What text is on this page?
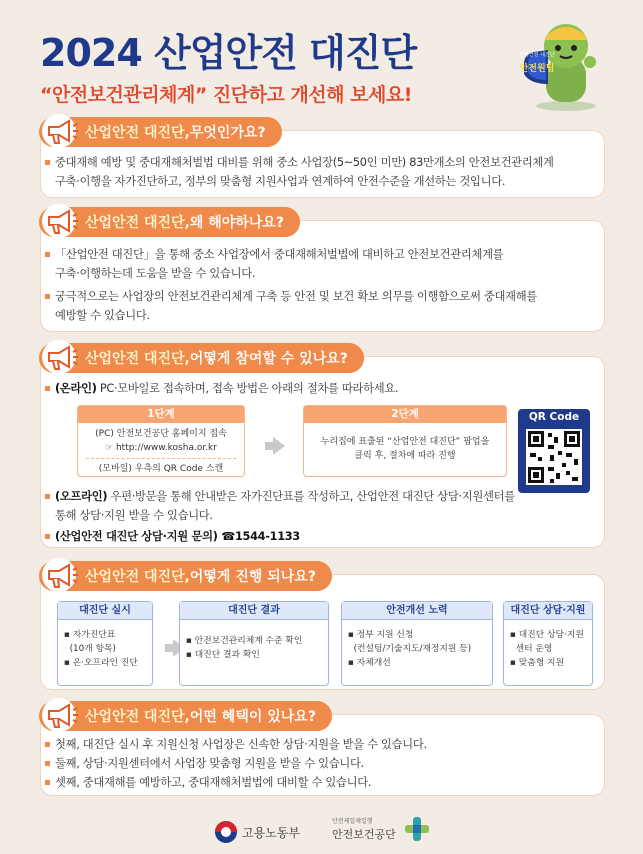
2024 산업안전 대진단
“안전보건관리체계” 진단하고 개선해 보세요!
산업안전 대진단
안전원팀
산업안전 대진단, 무엇인가요?
중대재해 예방 및 중대재해처벌법 대비를 위해 중소 사업장(5~50인 미만) 83만개소의 안전보건관리체계
구축·이행을 자가진단하고, 정부의 맞춤형 지원사업과 연계하여 안전수준을 개선하는 것입니다.
산업안전 대진단, 왜 해야하나요?
「산업안전 대진단」을 통해 중소 사업장에서 중대재해처벌법에 대비하고 안전보건관리체계를
구축·이행하는데 도움을 받을 수 있습니다.
궁극적으로는 사업장의 안전보건관리체계 구축 등 안전 및 보건 확보 의무를 이행함으로써 중대재해를
예방할 수 있습니다.
산업안전 대진단, 어떻게 참여할 수 있나요?
(온라인) PC·모바일로 접속하며, 접속 방법은 아래의 절차를 따라하세요.
1단계
(PC) 안전보건공단 홈페이지 접속
☞ http://www.kosha.or.kr
(모바일) 우측의 QR Code 스캔
2단계
누리집에 표출된 “산업안전 대진단” 팝업을
클릭 후, 절차에 따라 진행
QR Code
(오프라인) 우편·방문을 통해 안내받은 자가진단표를 작성하고, 산업안전 대진단 상담·지원센터를
통해 상담·지원 받을 수 있습니다.
(산업안전 대진단 상담·지원 문의) ☎1544-1133
산업안전 대진단, 어떻게 진행 되나요?
대진단 실시
▪ 자가진단표
(10개 항목)
▪ 온·오프라인 진단
대진단 결과
▪ 안전보건관리체계 수준 확인
▪ 대진단 결과 확인
안전개선 노력
▪ 정부 지원 신청
(컨설팅/기술지도/재정지원 등)
▪ 자체개선
대진단 상담·지원
▪ 대진단 상담·지원
센터 운영
▪ 맞춤형 지원
산업안전 대진단, 어떤 혜택이 있나요?
첫째, 대진단 실시 후 지원신청 사업장은 신속한 상담·지원을 받을 수 있습니다.
둘째, 상담·지원센터에서 사업장 맞춤형 지원을 받을 수 있습니다.
셋째, 중대재해를 예방하고, 중대재해처벌법에 대비할 수 있습니다.
고용노동부
안전제일제일행
안전보건공단
